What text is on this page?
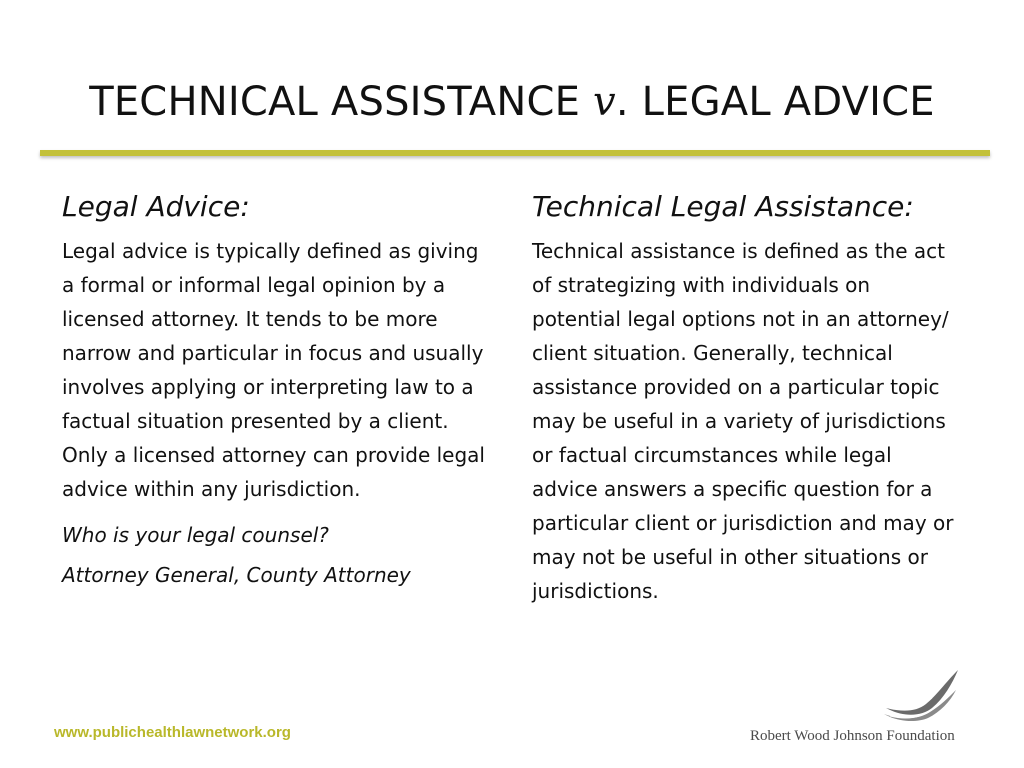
TECHNICAL ASSISTANCE v. LEGAL ADVICE
Legal Advice:
Legal advice is typically defined as giving a formal or informal legal opinion by a licensed attorney. It tends to be more narrow and particular in focus and usually involves applying or interpreting law to a factual situation presented by a client. Only a licensed attorney can provide legal advice within any jurisdiction.
Who is your legal counsel?
Attorney General, County Attorney
Technical Legal Assistance:
Technical assistance is defined as the act of strategizing with individuals on potential legal options not in an attorney/ client situation. Generally, technical assistance provided on a particular topic may be useful in a variety of jurisdictions or factual circumstances while legal advice answers a specific question for a particular client or jurisdiction and may or may not be useful in other situations or jurisdictions.
www.publichealthlawnetwork.org	Robert Wood Johnson Foundation
